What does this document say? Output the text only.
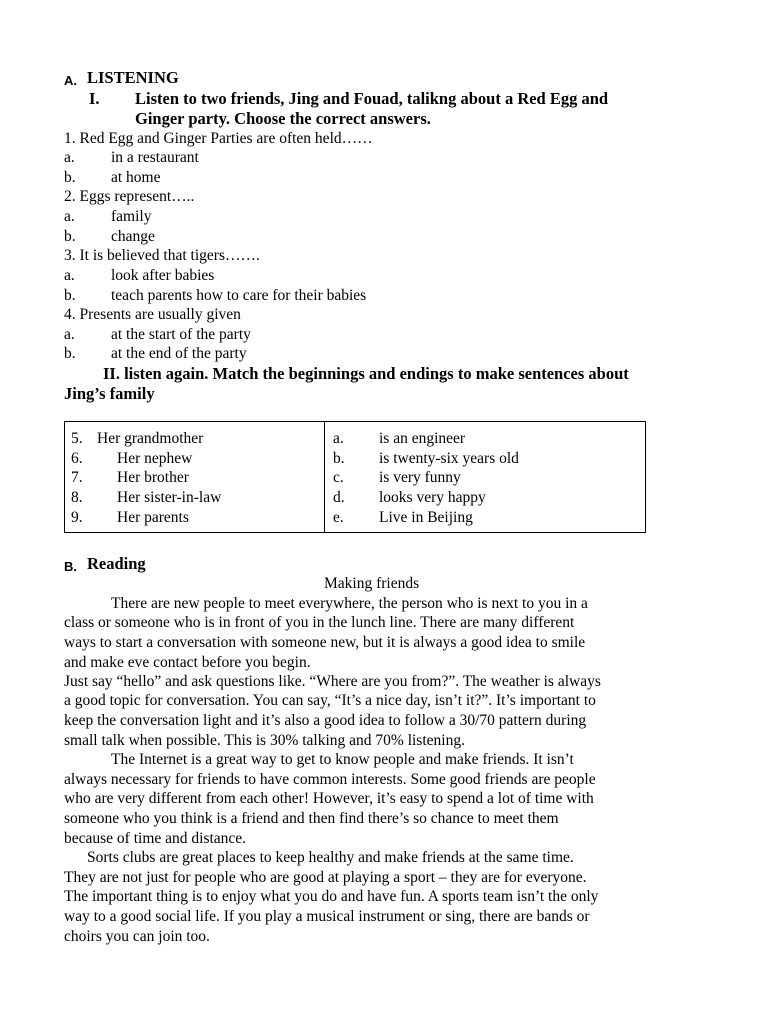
A. LISTENING
I. Listen to two friends, Jing and Fouad, talikng about a Red Egg and
Ginger party. Choose the correct answers.
1. Red Egg and Ginger Parties are often held……
a. in a restaurant
b. at home
2. Eggs represent…..
a. family
b. change
3. It is believed that tigers…….
a. look after babies
b. teach parents how to care for their babies
4. Presents are usually given
a. at the start of the party
b. at the end of the party
II. listen again. Match the beginnings and endings to make sentences about
Jing’s family
5. Her grandmother
6. Her nephew
7. Her brother
8. Her sister-in-law
9. Her parents
a. is an engineer
b. is twenty-six years old
c. is very funny
d. looks very happy
e. Live in Beijing
B. Reading
Making friends
There are new people to meet everywhere, the person who is next to you in a
class or someone who is in front of you in the lunch line. There are many different
ways to start a conversation with someone new, but it is always a good idea to smile
and make eve contact before you begin.
Just say “hello” and ask questions like. “Where are you from?”. The weather is always
a good topic for conversation. You can say, “It’s a nice day, isn’t it?”. It’s important to
keep the conversation light and it’s also a good idea to follow a 30/70 pattern during
small talk when possible. This is 30% talking and 70% listening.
The Internet is a great way to get to know people and make friends. It isn’t
always necessary for friends to have common interests. Some good friends are people
who are very different from each other! However, it’s easy to spend a lot of time with
someone who you think is a friend and then find there’s so chance to meet them
because of time and distance.
Sorts clubs are great places to keep healthy and make friends at the same time.
They are not just for people who are good at playing a sport – they are for everyone.
The important thing is to enjoy what you do and have fun. A sports team isn’t the only
way to a good social life. If you play a musical instrument or sing, there are bands or
choirs you can join too.
